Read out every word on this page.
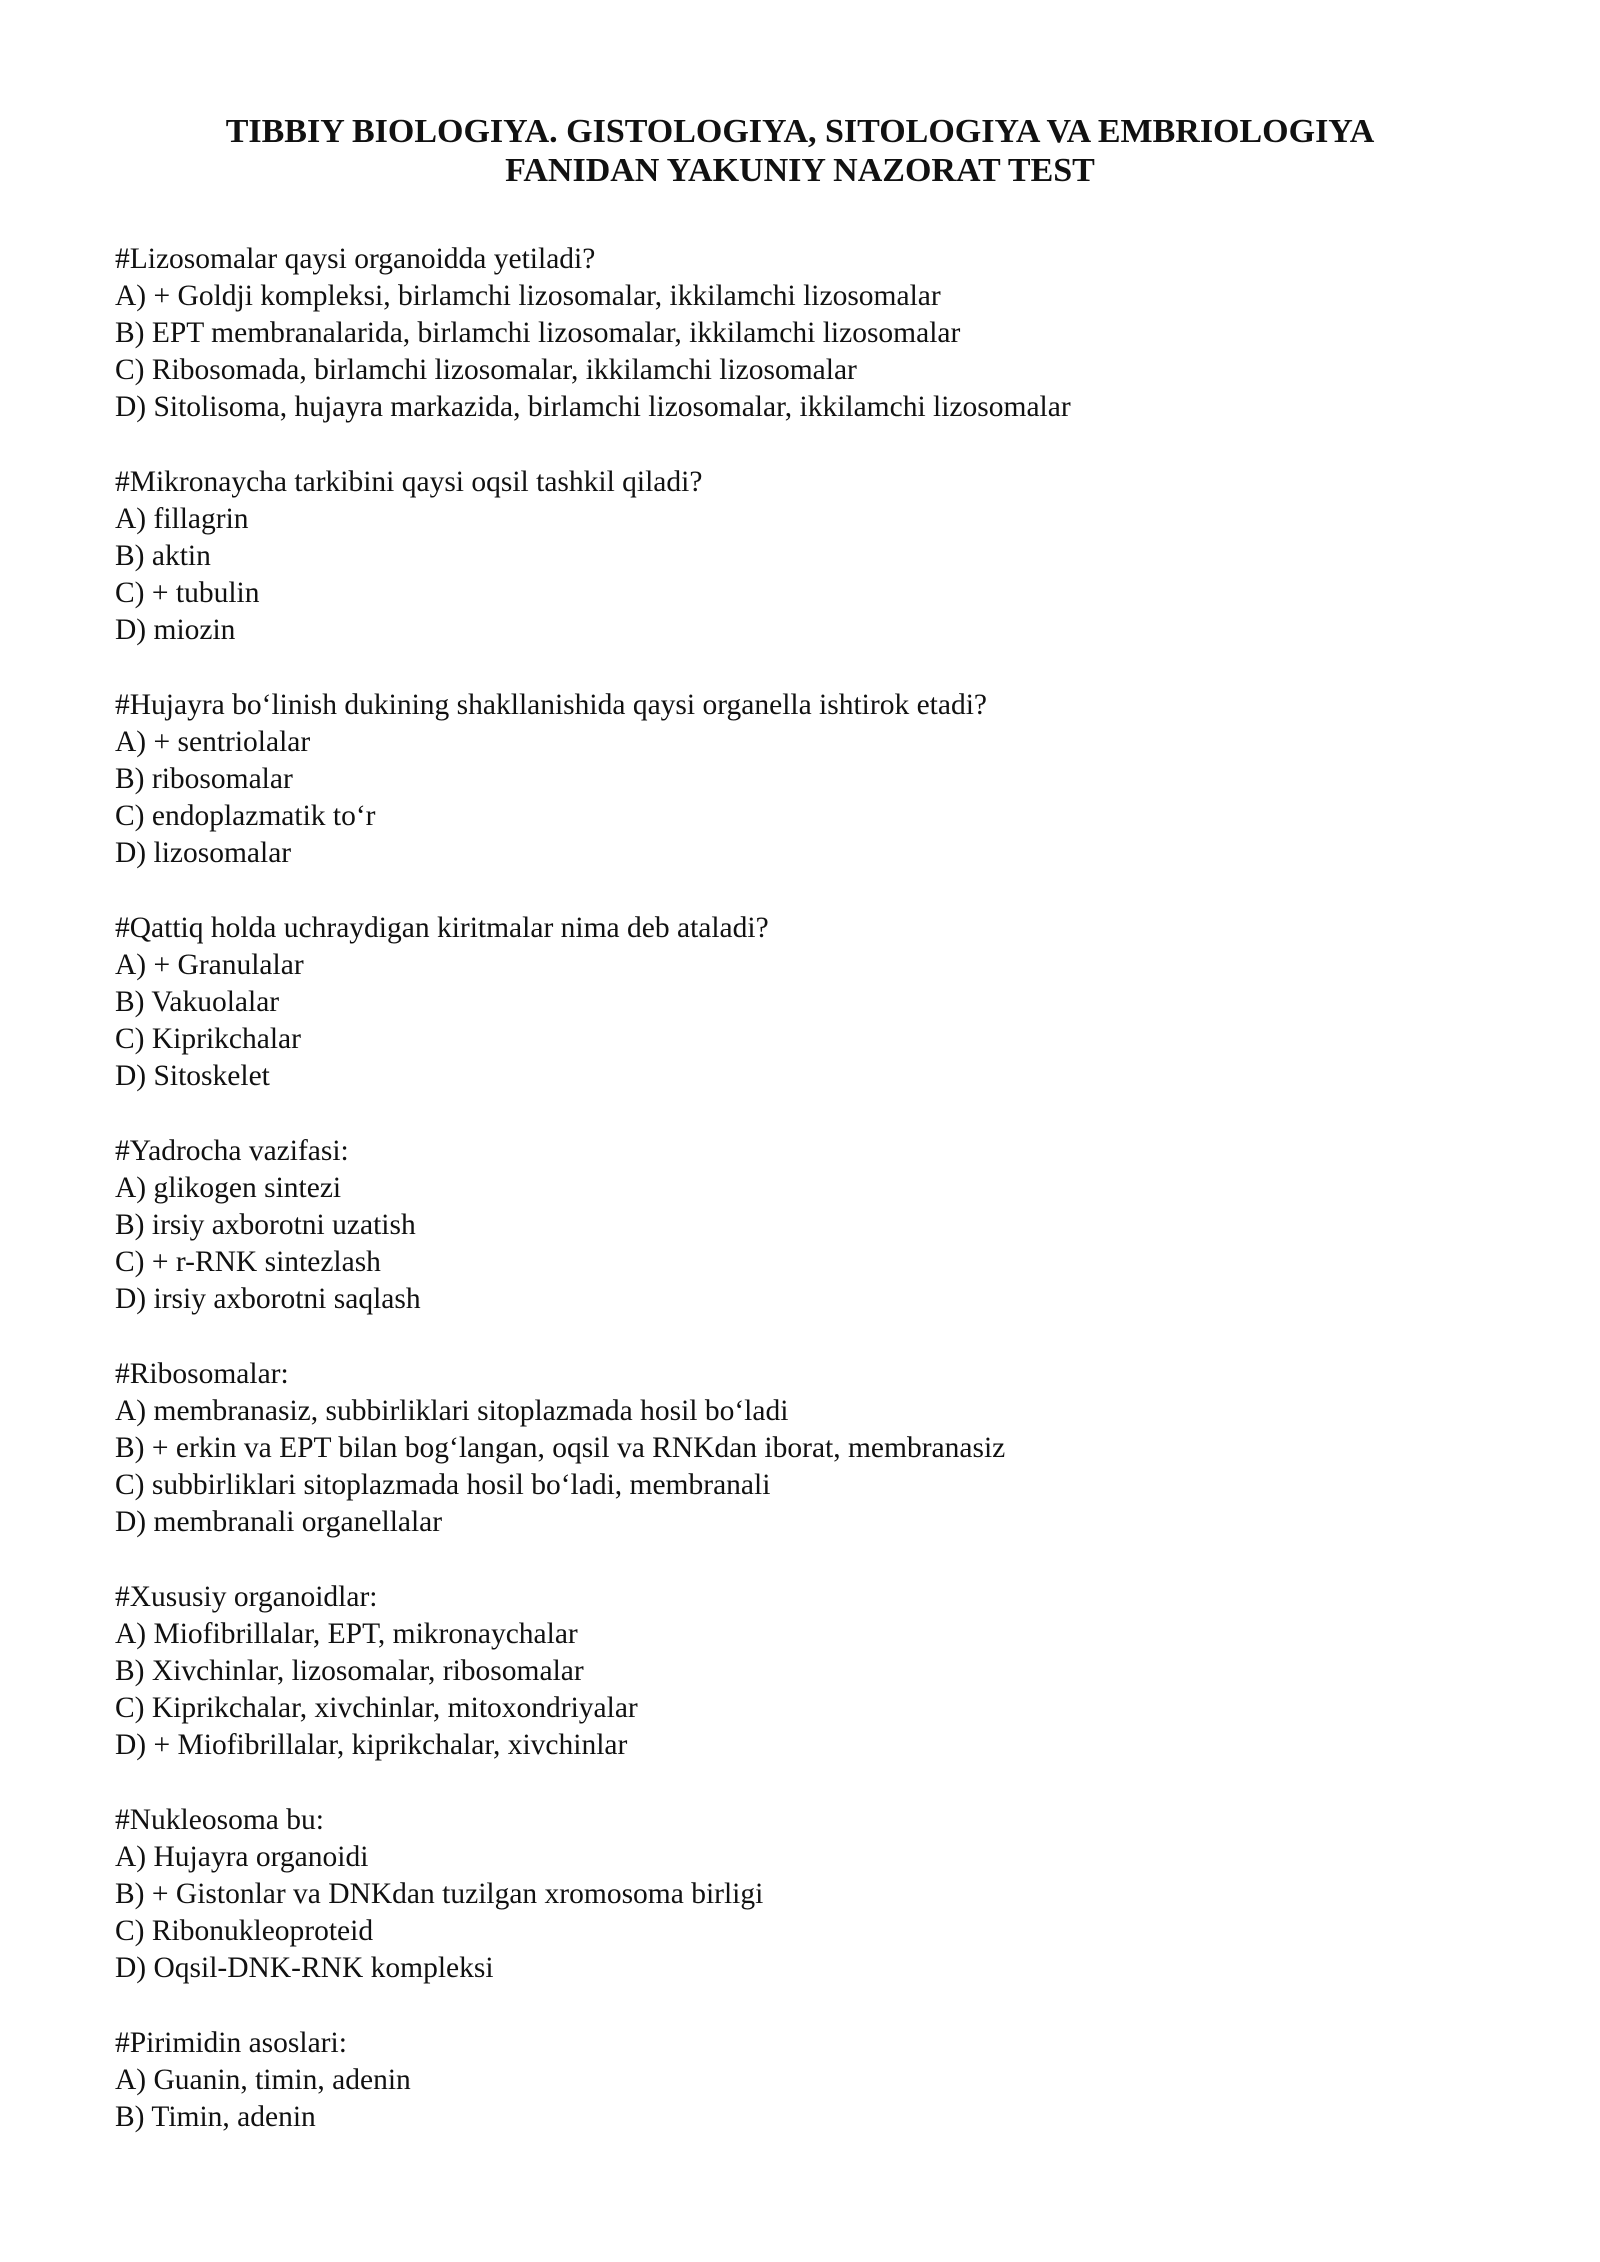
TIBBIY BIOLOGIYA. GISTOLOGIYA, SITOLOGIYA VA EMBRIOLOGIYA
FANIDAN YAKUNIY NAZORAT TEST
#Lizosomalar qaysi organoidda yetiladi?
A) + Goldji kompleksi, birlamchi lizosomalar, ikkilamchi lizosomalar
B) EPT membranalarida, birlamchi lizosomalar, ikkilamchi lizosomalar
C) Ribosomada, birlamchi lizosomalar, ikkilamchi lizosomalar
D) Sitolisoma, hujayra markazida, birlamchi lizosomalar, ikkilamchi lizosomalar
#Mikronaycha tarkibini qaysi oqsil tashkil qiladi?
A) fillagrin
B) aktin
C) + tubulin
D) miozin
#Hujayra bo‘linish dukining shakllanishida qaysi organella ishtirok etadi?
A) + sentriolalar
B) ribosomalar
C) endoplazmatik to‘r
D) lizosomalar
#Qattiq holda uchraydigan kiritmalar nima deb ataladi?
A) + Granulalar
B) Vakuolalar
C) Kiprikchalar
D) Sitoskelet
#Yadrocha vazifasi:
A) glikogen sintezi
B) irsiy axborotni uzatish
C) + r-RNK sintezlash
D) irsiy axborotni saqlash
#Ribosomalar:
A) membranasiz, subbirliklari sitoplazmada hosil bo‘ladi
B) + erkin va EPT bilan bog‘langan, oqsil va RNKdan iborat, membranasiz
C) subbirliklari sitoplazmada hosil bo‘ladi, membranali
D) membranali organellalar
#Xususiy organoidlar:
A) Miofibrillalar, EPT, mikronaychalar
B) Xivchinlar, lizosomalar, ribosomalar
C) Kiprikchalar, xivchinlar, mitoxondriyalar
D) + Miofibrillalar, kiprikchalar, xivchinlar
#Nukleosoma bu:
A) Hujayra organoidi
B) + Gistonlar va DNKdan tuzilgan xromosoma birligi
C) Ribonukleoproteid
D) Oqsil-DNK-RNK kompleksi
#Pirimidin asoslari:
A) Guanin, timin, adenin
B) Timin, adenin
